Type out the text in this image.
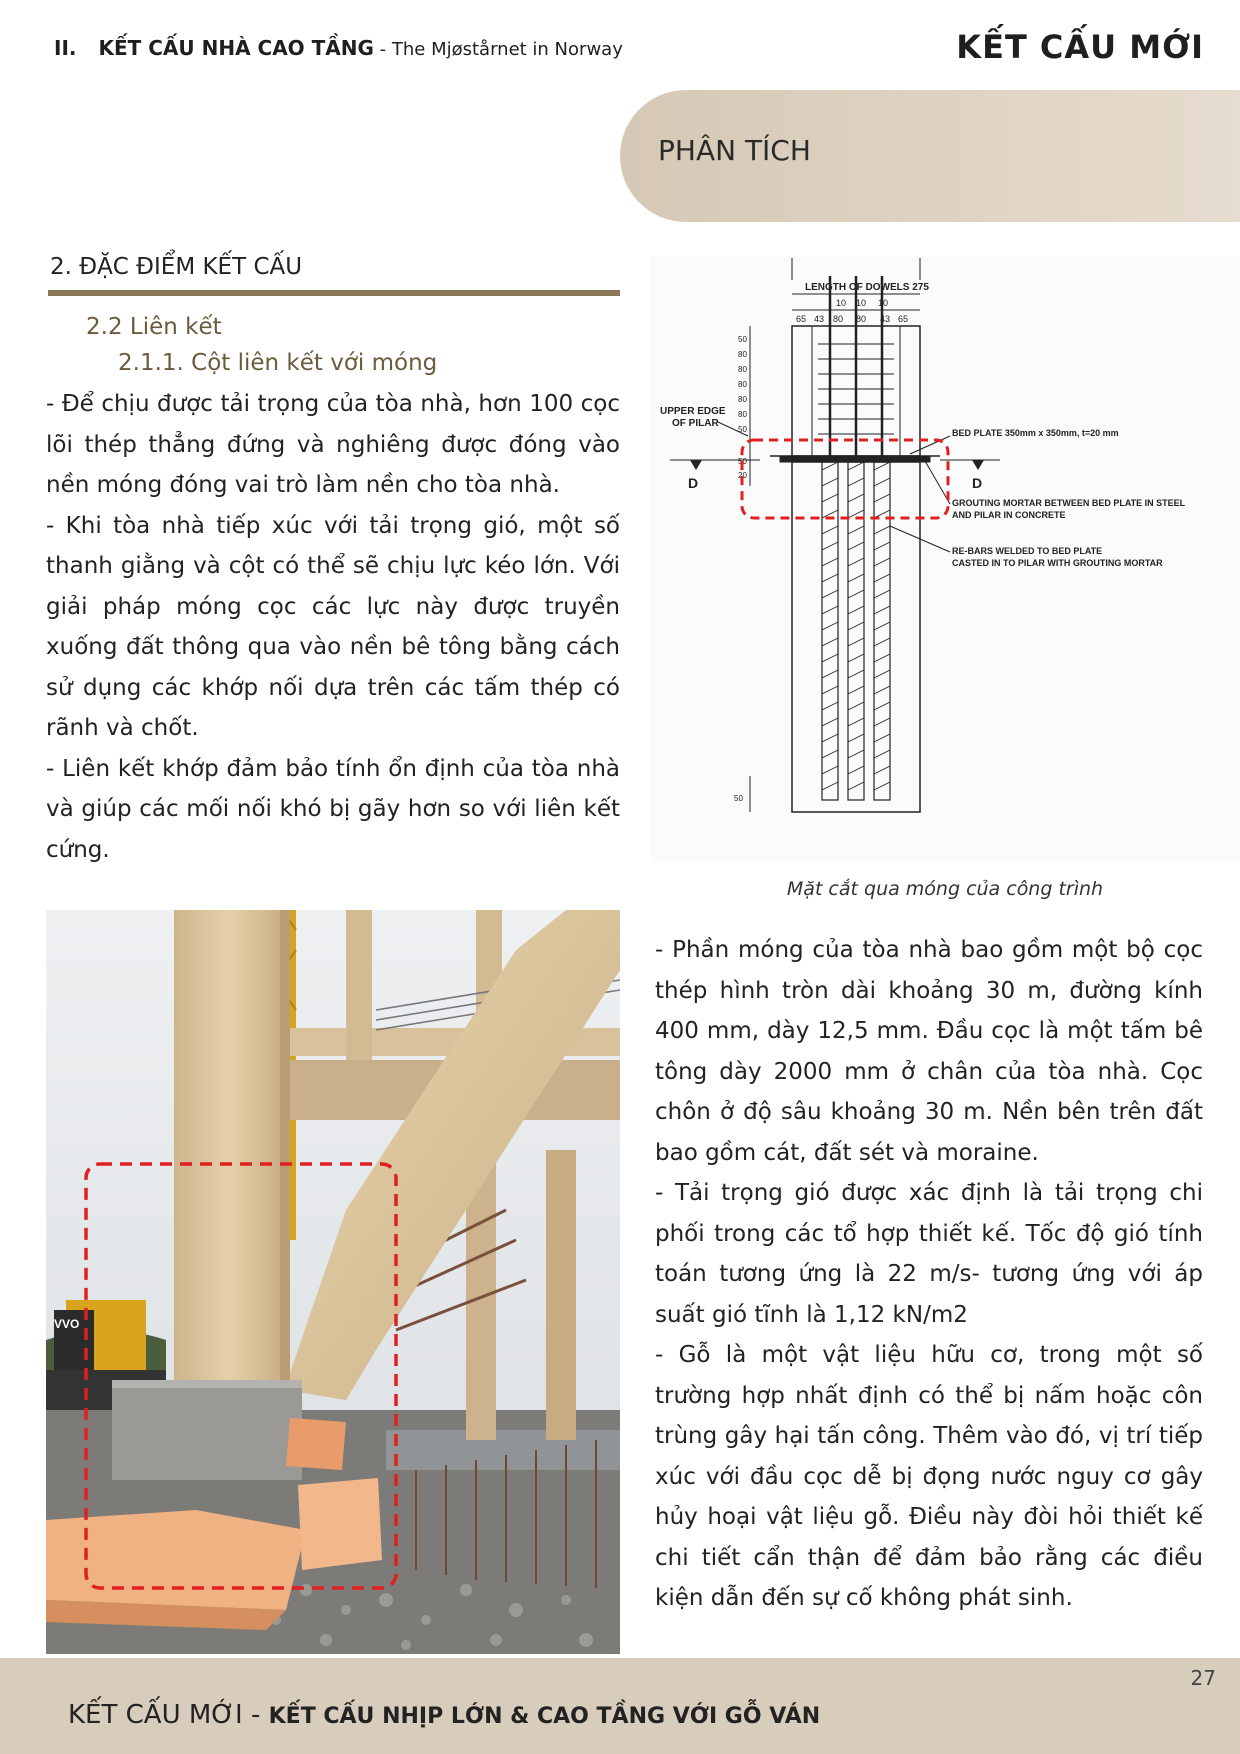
II. KẾT CẤU NHÀ CAO TẦNG - The Mjøstårnet in Norway	KẾT CẤU MỚI
PHÂN TÍCH
2. ĐẶC ĐIỂM KẾT CẤU
2.2 Liên kết
2.1.1. Cột liên kết với móng

- Để chịu được tải trọng của tòa nhà, hơn 100 cọc lõi thép thẳng đứng và nghiêng được đóng vào nền móng đóng vai trò làm nền cho tòa nhà.

- Khi tòa nhà tiếp xúc với tải trọng gió, một số thanh giằng và cột có thể sẽ chịu lực kéo lớn. Với giải pháp móng cọc các lực này được truyền xuống đất thông qua vào nền bê tông bằng cách sử dụng các khớp nối dựa trên các tấm thép có rãnh và chốt.

- Liên kết khớp đảm bảo tính ổn định của tòa nhà và giúp các mối nối khó bị gãy hơn so với liên kết cứng.

LENGTH OF DOWELS 275
10 10 10
65 43 80 80 43 65
50
80
80
80
80
80
50
20
50
UPPER EDGE
OF PILAR
50
D	D
BED PLATE 350mm x 350mm, t=20 mm
GROUTING MORTAR BETWEEN BED PLATE IN STEEL
AND PILAR IN CONCRETE
RE-BARS WELDED TO BED PLATE
CASTED IN TO PILAR WITH GROUTING MORTAR
Mặt cắt qua móng của công trình

- Phần móng của tòa nhà bao gồm một bộ cọc thép hình tròn dài khoảng 30 m, đường kính 400 mm, dày 12,5 mm. Đầu cọc là một tấm bê tông dày 2000 mm ở chân của tòa nhà. Cọc chôn ở độ sâu khoảng 30 m. Nền bên trên đất bao gồm cát, đất sét và moraine.

- Tải trọng gió được xác định là tải trọng chi phối trong các tổ hợp thiết kế. Tốc độ gió tính toán tương ứng là 22 m/s- tương ứng với áp suất gió tĩnh là 1,12 kN/m2

- Gỗ là một vật liệu hữu cơ, trong một số trường hợp nhất định có thể bị nấm hoặc côn trùng gây hại tấn công. Thêm vào đó, vị trí tiếp xúc với đầu cọc dễ bị đọng nước nguy cơ gây hủy hoại vật liệu gỗ. Điều này đòi hỏi thiết kế chi tiết cẩn thận để đảm bảo rằng các điều kiện dẫn đến sự cố không phát sinh.

VVO
27
KẾT CẤU MỚI - KẾT CẤU NHỊP LỚN & CAO TẦNG VỚI GỖ VÁN
